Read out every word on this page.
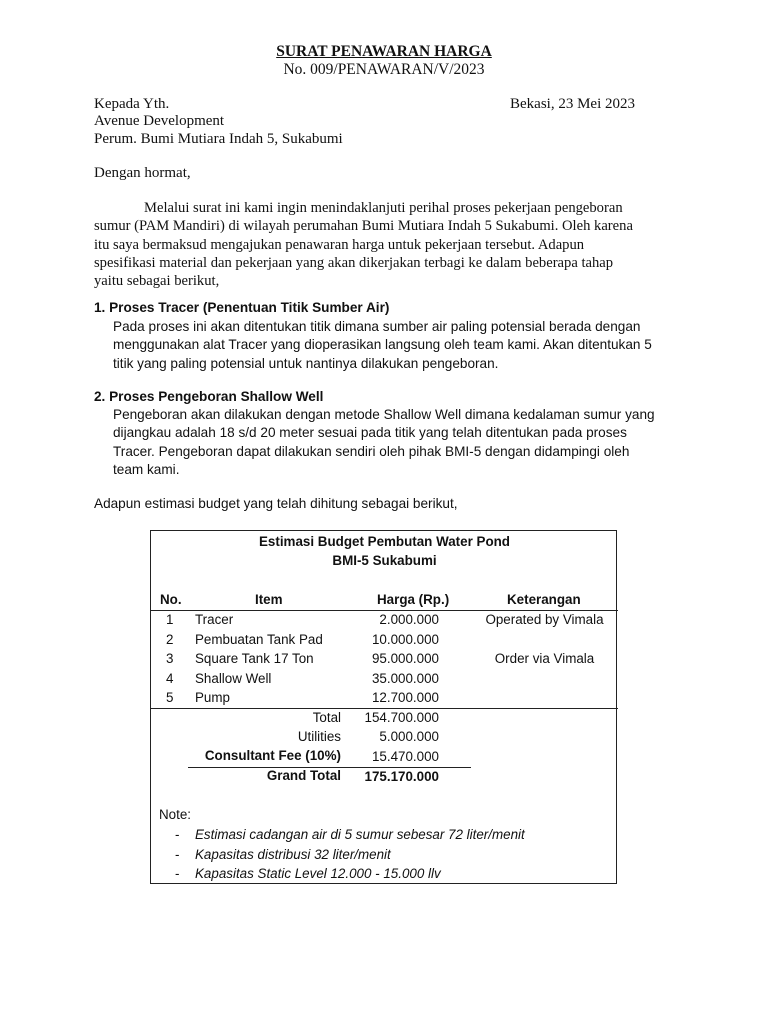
SURAT PENAWARAN HARGA
No. 009/PENAWARAN/V/2023
Kepada Yth.	Bekasi, 23 Mei 2023
Avenue Development
Perum. Bumi Mutiara Indah 5, Sukabumi
Dengan hormat,

Melalui surat ini kami ingin menindaklanjuti perihal proses pekerjaan pengeboran

sumur (PAM Mandiri) di wilayah perumahan Bumi Mutiara Indah 5 Sukabumi. Oleh karena

itu saya bermaksud mengajukan penawaran harga untuk pekerjaan tersebut. Adapun

spesifikasi material dan pekerjaan yang akan dikerjakan terbagi ke dalam beberapa tahap

yaitu sebagai berikut,

1. Proses Tracer (Penentuan Titik Sumber Air)
Pada proses ini akan ditentukan titik dimana sumber air paling potensial berada dengan
menggunakan alat Tracer yang dioperasikan langsung oleh team kami. Akan ditentukan 5
titik yang paling potensial untuk nantinya dilakukan pengeboran.
2. Proses Pengeboran Shallow Well
Pengeboran akan dilakukan dengan metode Shallow Well dimana kedalaman sumur yang
dijangkau adalah 18 s/d 20 meter sesuai pada titik yang telah ditentukan pada proses
Tracer. Pengeboran dapat dilakukan sendiri oleh pihak BMI-5 dengan didampingi oleh
team kami.
Adapun estimasi budget yang telah dihitung sebagai berikut,
Estimasi Budget Pembutan Water Pond
BMI-5 Sukabumi
No.	Item	Harga (Rp.)	Keterangan
1 Tracer	2.000.000	Operated by Vimala
2 Pembuatan Tank Pad	10.000.000
3 Square Tank 17 Ton	95.000.000	Order via Vimala
4 Shallow Well	35.000.000
5 Pump	12.700.000
Total 154.700.000
Utilities	5.000.000
Consultant Fee (10%) 15.470.000
Grand Total 175.170.000
Note:
- Estimasi cadangan air di 5 sumur sebesar 72 liter/menit
- Kapasitas distribusi 32 liter/menit
- Kapasitas Static Level 12.000 - 15.000 llv
